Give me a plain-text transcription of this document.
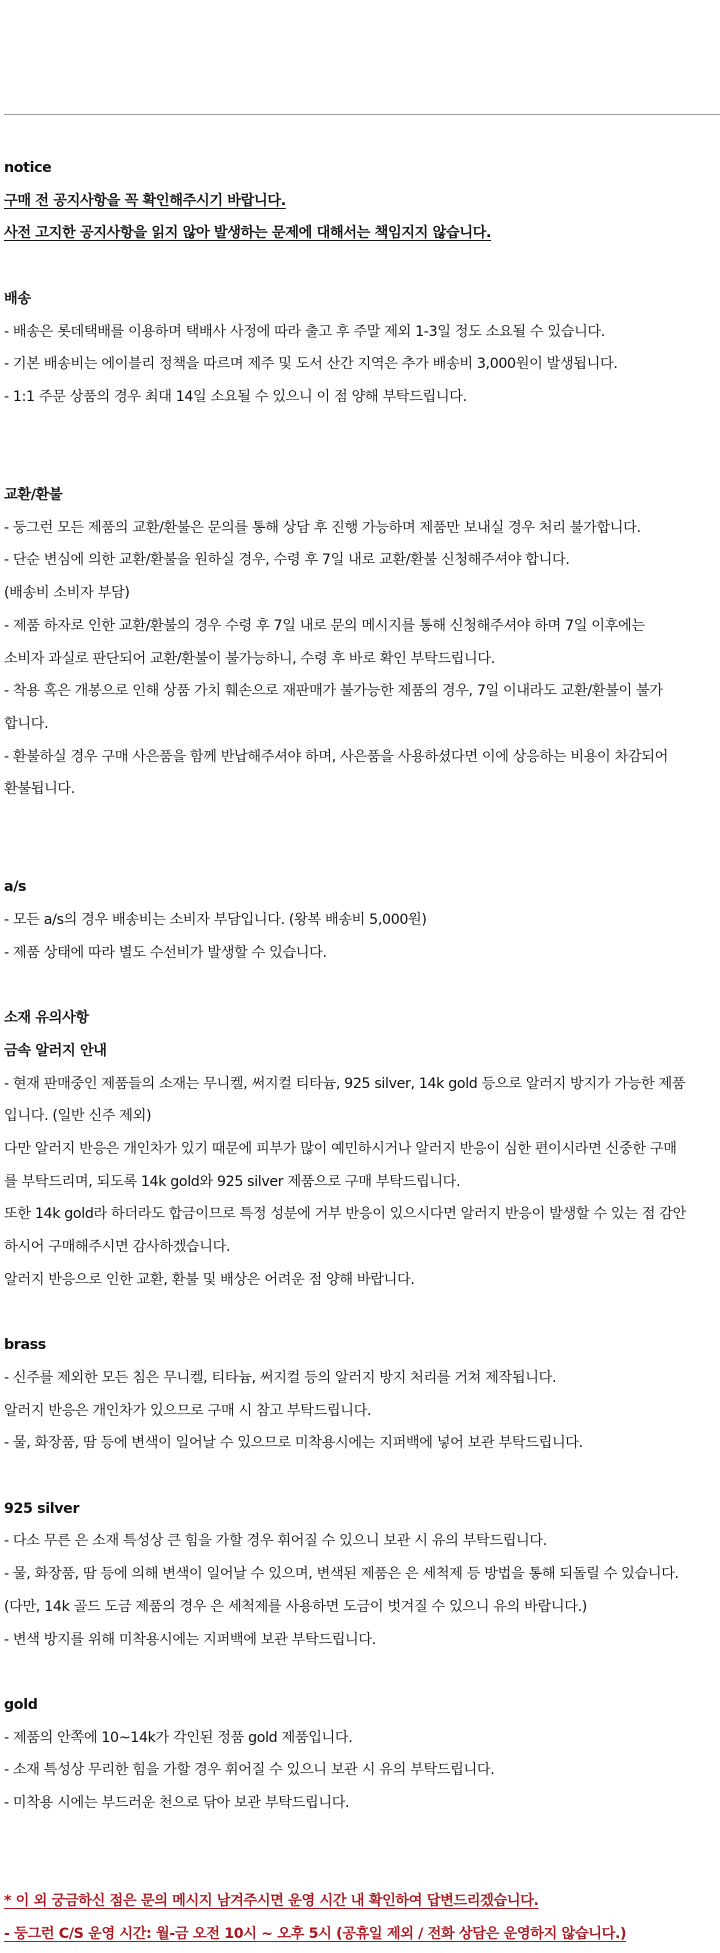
notice
구매 전 공지사항을 꼭 확인해주시기 바랍니다.
사전 고지한 공지사항을 읽지 않아 발생하는 문제에 대해서는 책임지지 않습니다.
배송
- 배송은 롯데택배를 이용하며 택배사 사정에 따라 출고 후 주말 제외 1-3일 정도 소요될 수 있습니다.
- 기본 배송비는 에이블리 정책을 따르며 제주 및 도서 산간 지역은 추가 배송비 3,000원이 발생됩니다.
- 1:1 주문 상품의 경우 최대 14일 소요될 수 있으니 이 점 양해 부탁드립니다.
교환/환불
- 둥그런 모든 제품의 교환/환불은 문의를 통해 상담 후 진행 가능하며 제품만 보내실 경우 처리 불가합니다.
- 단순 변심에 의한 교환/환불을 원하실 경우, 수령 후 7일 내로 교환/환불 신청해주셔야 합니다.
(배송비 소비자 부담)
- 제품 하자로 인한 교환/환불의 경우 수령 후 7일 내로 문의 메시지를 통해 신청해주셔야 하며 7일 이후에는
소비자 과실로 판단되어 교환/환불이 불가능하니, 수령 후 바로 확인 부탁드립니다.
- 착용 혹은 개봉으로 인해 상품 가치 훼손으로 재판매가 불가능한 제품의 경우, 7일 이내라도 교환/환불이 불가
합니다.
- 환불하실 경우 구매 사은품을 함께 반납해주셔야 하며, 사은품을 사용하셨다면 이에 상응하는 비용이 차감되어
환불됩니다.
a/s
- 모든 a/s의 경우 배송비는 소비자 부담입니다. (왕복 배송비 5,000원)
- 제품 상태에 따라 별도 수선비가 발생할 수 있습니다.
소재 유의사항
금속 알러지 안내
- 현재 판매중인 제품들의 소재는 무니켈, 써지컬 티타늄, 925 silver, 14k gold 등으로 알러지 방지가 가능한 제품
입니다. (일반 신주 제외)
다만 알러지 반응은 개인차가 있기 때문에 피부가 많이 예민하시거나 알러지 반응이 심한 편이시라면 신중한 구매
를 부탁드리며, 되도록 14k gold와 925 silver 제품으로 구매 부탁드립니다.
또한 14k gold라 하더라도 합금이므로 특정 성분에 거부 반응이 있으시다면 알러지 반응이 발생할 수 있는 점 감안
하시어 구매해주시면 감사하겠습니다.
알러지 반응으로 인한 교환, 환불 및 배상은 어려운 점 양해 바랍니다.
brass
- 신주를 제외한 모든 침은 무니켈, 티타늄, 써지컬 등의 알러지 방지 처리를 거쳐 제작됩니다.
알러지 반응은 개인차가 있으므로 구매 시 참고 부탁드립니다.
- 물, 화장품, 땀 등에 변색이 일어날 수 있으므로 미착용시에는 지퍼백에 넣어 보관 부탁드립니다.
925 silver
- 다소 무른 은 소재 특성상 큰 힘을 가할 경우 휘어질 수 있으니 보관 시 유의 부탁드립니다.
- 물, 화장품, 땀 등에 의해 변색이 일어날 수 있으며, 변색된 제품은 은 세척제 등 방법을 통해 되돌릴 수 있습니다.
(다만, 14k 골드 도금 제품의 경우 은 세척제를 사용하면 도금이 벗겨질 수 있으니 유의 바랍니다.)
- 변색 방지를 위해 미착용시에는 지퍼백에 보관 부탁드립니다.
gold
- 제품의 안쪽에 10~14k가 각인된 정품 gold 제품입니다.
- 소재 특성상 무리한 힘을 가할 경우 휘어질 수 있으니 보관 시 유의 부탁드립니다.
- 미착용 시에는 부드러운 천으로 닦아 보관 부탁드립니다.
* 이 외 궁금하신 점은 문의 메시지 남겨주시면 운영 시간 내 확인하여 답변드리겠습니다.
- 둥그런 C/S 운영 시간: 월-금 오전 10시 ~ 오후 5시 (공휴일 제외 / 전화 상담은 운영하지 않습니다.)
